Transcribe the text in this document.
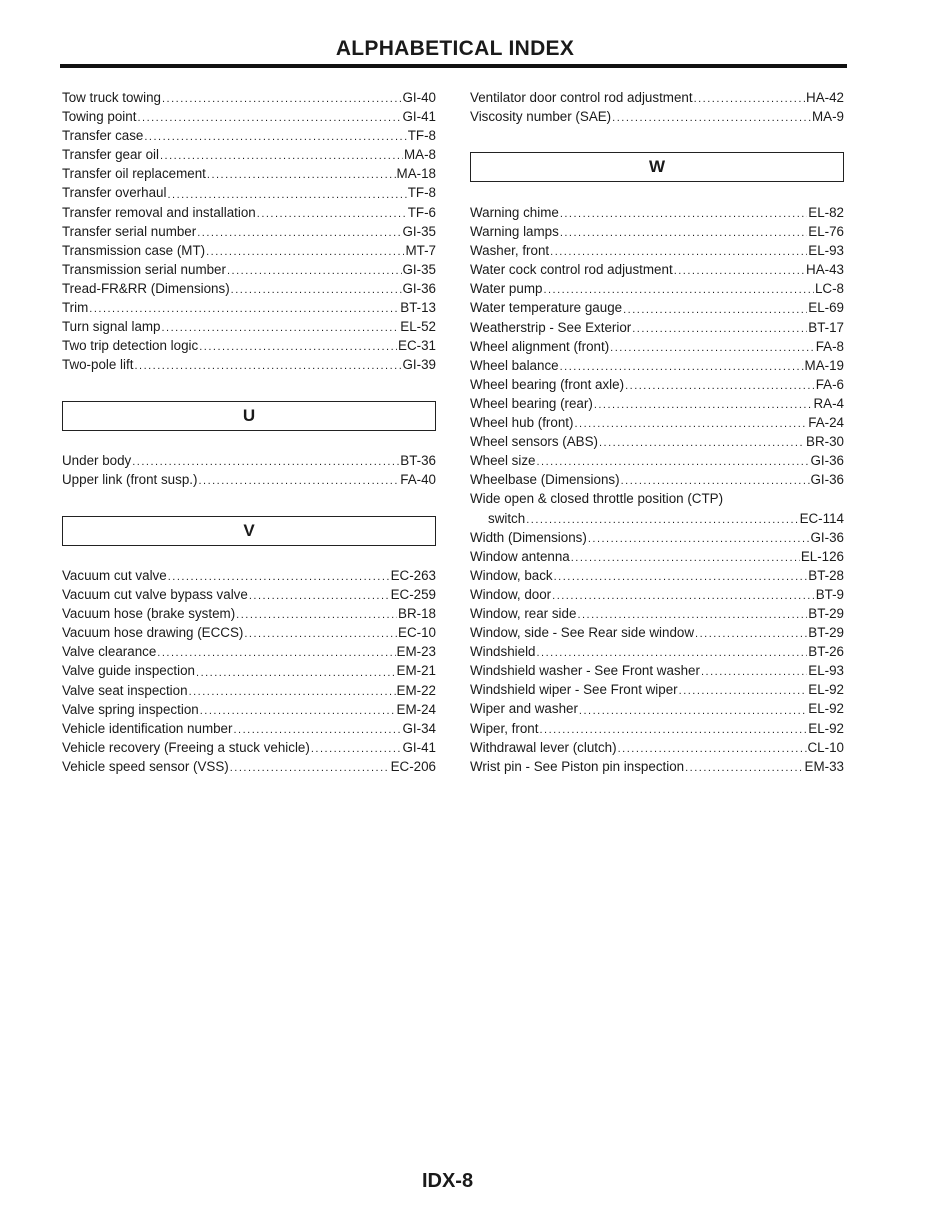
ALPHABETICAL INDEX
Tow truck towing .....	GI-40
Towing point .....	GI-41
Transfer case .....	TF-8
Transfer gear oil .....	MA-8
Transfer oil replacement .....	MA-18
Transfer overhaul .....	TF-8
Transfer removal and installation .....	TF-6
Transfer serial number .....	GI-35
Transmission case (MT) .....	MT-7
Transmission serial number .....	GI-35
Tread-FR&RR (Dimensions) .....	GI-36
Trim .....	BT-13
Turn signal lamp .....	EL-52
Two trip detection logic .....	EC-31
Two-pole lift .....	GI-39
U
Under body .....	BT-36
Upper link (front susp.) .....	FA-40
V
Vacuum cut valve .....	EC-263
Vacuum cut valve bypass valve .....	EC-259
Vacuum hose (brake system) .....	BR-18
Vacuum hose drawing (ECCS) .....	EC-10
Valve clearance .....	EM-23
Valve guide inspection .....	EM-21
Valve seat inspection .....	EM-22
Valve spring inspection .....	EM-24
Vehicle identification number .....	GI-34
Vehicle recovery (Freeing a stuck vehicle) .....	GI-41
Vehicle speed sensor (VSS) .....	EC-206
Ventilator door control rod adjustment .....	HA-42
Viscosity number (SAE) .....	MA-9
W
Warning chime .....	EL-82
Warning lamps .....	EL-76
Washer, front .....	EL-93
Water cock control rod adjustment .....	HA-43
Water pump .....	LC-8
Water temperature gauge .....	EL-69
Weatherstrip - See Exterior .....	BT-17
Wheel alignment (front) .....	FA-8
Wheel balance .....	MA-19
Wheel bearing (front axle) .....	FA-6
Wheel bearing (rear) .....	RA-4
Wheel hub (front) .....	FA-24
Wheel sensors (ABS) .....	BR-30
Wheel size .....	GI-36
Wheelbase (Dimensions) .....	GI-36
Wide open & closed throttle position (CTP)
switch .....	EC-114
Width (Dimensions) .....	GI-36
Window antenna .....	EL-126
Window, back .....	BT-28
Window, door .....	BT-9
Window, rear side .....	BT-29
Window, side - See Rear side window .....	BT-29
Windshield .....	BT-26
Windshield washer - See Front washer .....	EL-93
Windshield wiper - See Front wiper .....	EL-92
Wiper and washer .....	EL-92
Wiper, front .....	EL-92
Withdrawal lever (clutch) .....	CL-10
Wrist pin - See Piston pin inspection .....	EM-33
IDX-8
